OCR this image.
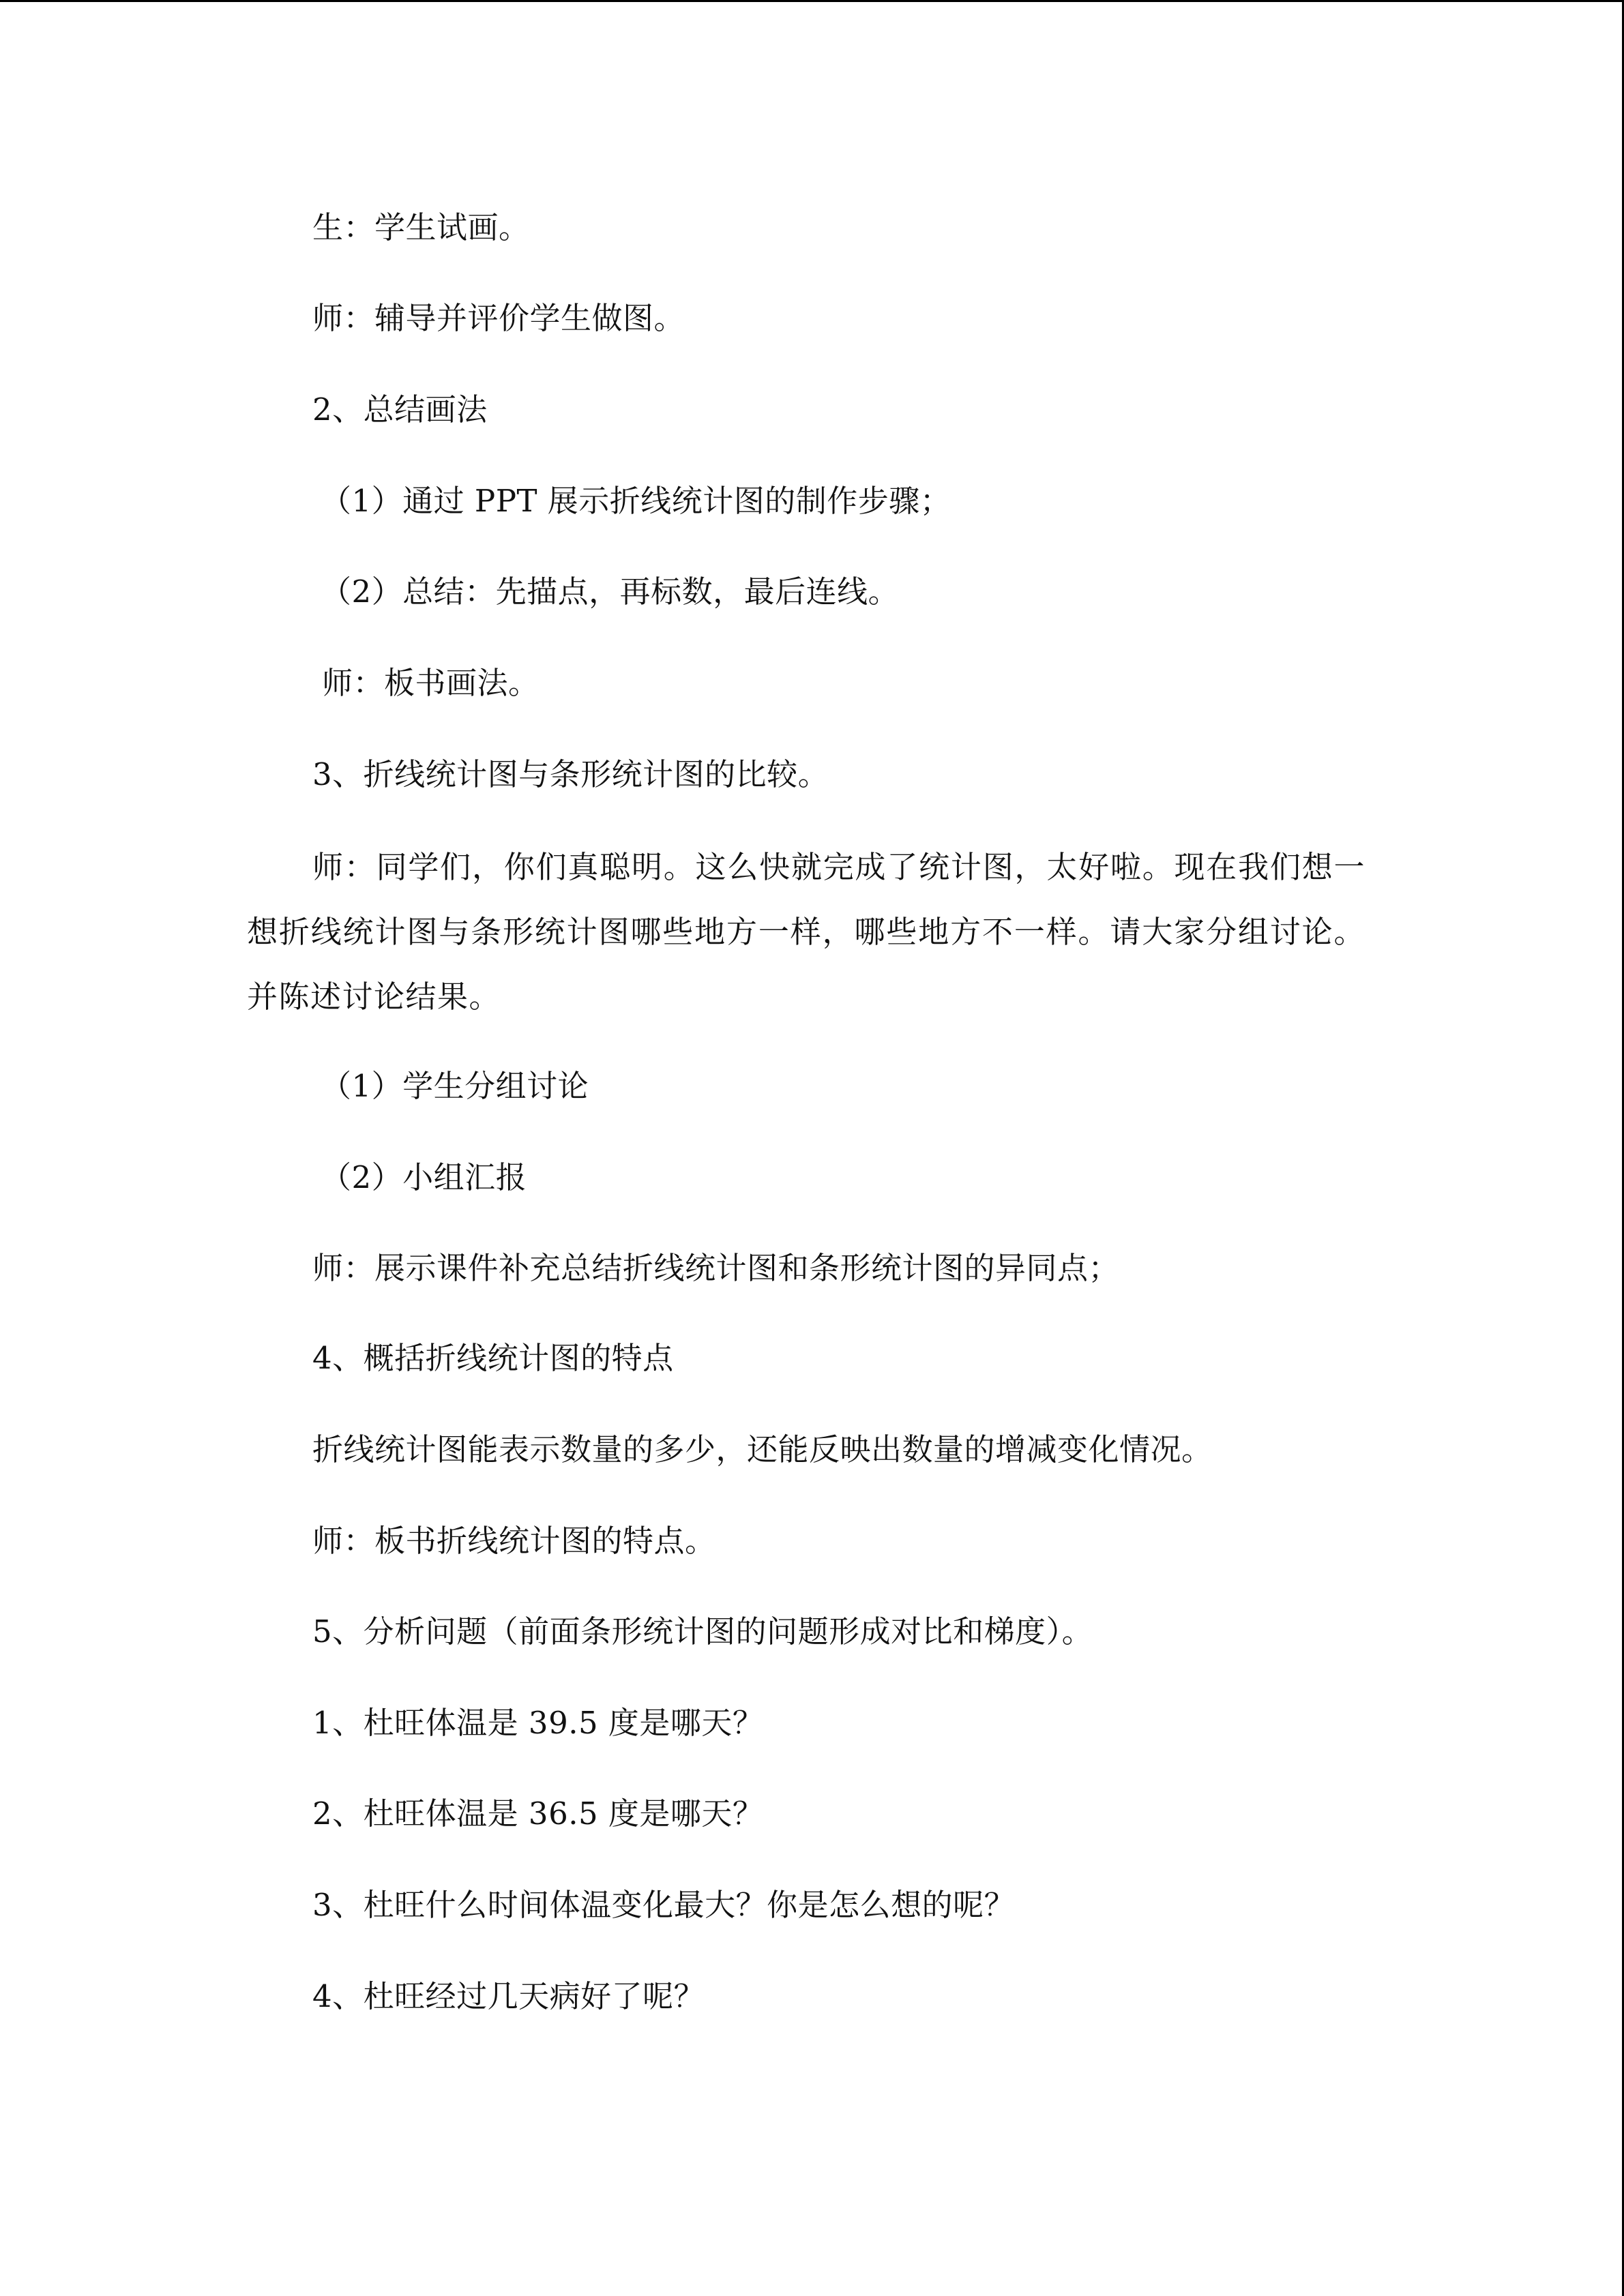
生：学生试画。
师：辅导并评价学生做图。
2、总结画法
（1）通过 PPT 展示折线统计图的制作步骤；
（2）总结：先描点，再标数，最后连线。
师：板书画法。
3、折线统计图与条形统计图的比较。
师：同学们，你们真聪明。这么快就完成了统计图，太好啦。现在我们想一想折线统计图与条形统计图哪些地方一样，哪些地方不一样。请大家分组讨论。并陈述讨论结果。
（1）学生分组讨论
（2）小组汇报
师：展示课件补充总结折线统计图和条形统计图的异同点；
4、概括折线统计图的特点
折线统计图能表示数量的多少，还能反映出数量的增减变化情况。
师：板书折线统计图的特点。
5、分析问题（前面条形统计图的问题形成对比和梯度）。
1、杜旺体温是 39.5 度是哪天？
2、杜旺体温是 36.5 度是哪天？
3、杜旺什么时间体温变化最大？你是怎么想的呢？
4、杜旺经过几天病好了呢？
